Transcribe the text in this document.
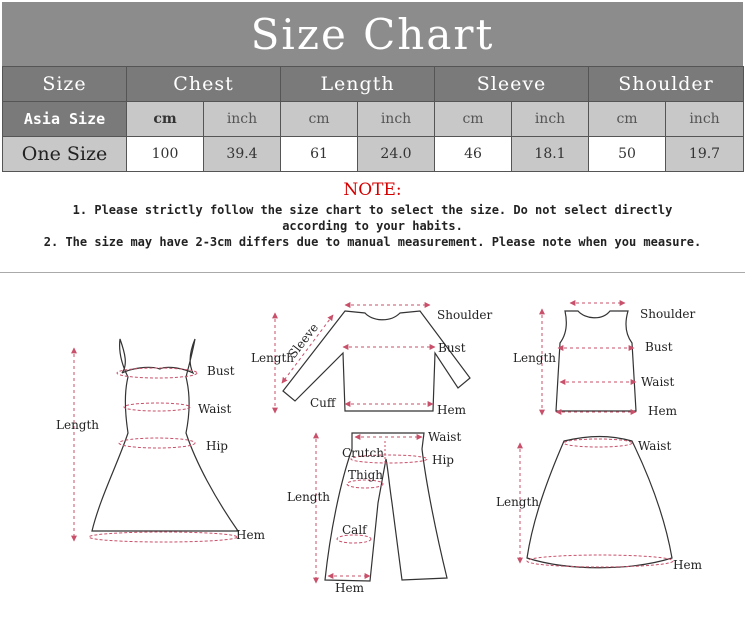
Size Chart
Size	Chest		Length		Sleeve		Shoulder	
Asia Size	cm	inch	cm	inch	cm	inch	cm	inch
One Size	100	39.4	61	24.0	46	18.1	50	19.7
NOTE:
1. Please strictly follow the size chart to select the size. Do not select directly
according to your habits.
2. The size may have 2-3cm differs due to manual measurement. Please note when you measure.
Length
Bust
Waist
Hip
Hem
Shoulder
Sleeve
Length
Bust
Cuff	Hem
Shoulder
Length
Bust
Waist
Hem
Waist
Crutch	Hip
Thigh
Length
Calf
Hem
Waist
Length
Hem
